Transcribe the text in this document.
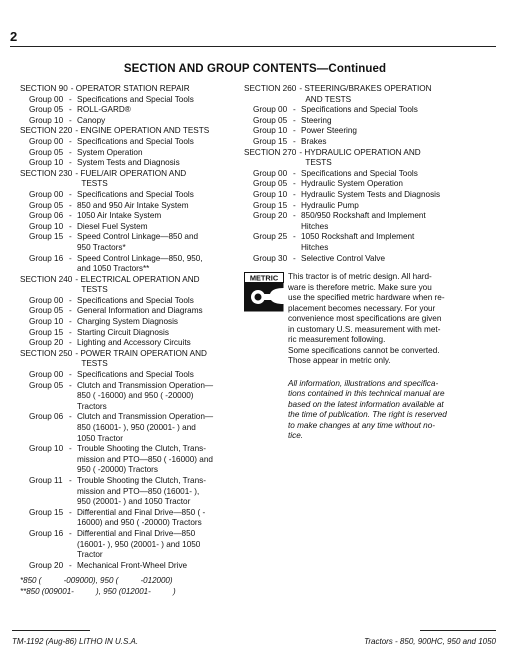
2
SECTION AND GROUP CONTENTS—Continued
SECTION 90 - OPERATOR STATION REPAIR
Group 00 - Specifications and Special Tools
Group 05 - ROLL-GARD®
Group 10 - Canopy
SECTION 220 - ENGINE OPERATION AND TESTS
Group 00 - Specifications and Special Tools
Group 05 - System Operation
Group 10 - System Tests and Diagnosis
SECTION 230 - FUEL/AIR OPERATION AND
TESTS
Group 00 - Specifications and Special Tools
Group 05 - 850 and 950 Air Intake System
Group 06 - 1050 Air Intake System
Group 10 - Diesel Fuel System
Group 15 - Speed Control Linkage—850 and
950 Tractors*
Group 16 - Speed Control Linkage—850, 950,
and 1050 Tractors**
SECTION 240 - ELECTRICAL OPERATION AND
TESTS
Group 00 - Specifications and Special Tools
Group 05 - General Information and Diagrams
Group 10 - Charging System Diagnosis
Group 15 - Starting Circuit Diagnosis
Group 20 - Lighting and Accessory Circuits
SECTION 250 - POWER TRAIN OPERATION AND
TESTS
Group 00 - Specifications and Special Tools
Group 05 - Clutch and Transmission Operation—
850 ( -16000) and 950 ( -20000)
Tractors
Group 06 - Clutch and Transmission Operation—
850 (16001- ), 950 (20001- ) and
1050 Tractor
Group 10 - Trouble Shooting the Clutch, Trans-
mission and PTO—850 ( -16000) and
950 ( -20000) Tractors
Group 11 - Trouble Shooting the Clutch, Trans-
mission and PTO—850 (16001- ),
950 (20001- ) and 1050 Tractor
Group 15 - Differential and Final Drive—850 ( -
16000) and 950 ( -20000) Tractors
Group 16 - Differential and Final Drive—850
(16001- ), 950 (20001- ) and 1050
Tractor
Group 20 - Mechanical Front-Wheel Drive
*850 (          -009000), 950 (          -012000)
**850 (009001-          ), 950 (012001-          )
SECTION 260 - STEERING/BRAKES OPERATION
AND TESTS
Group 00 - Specifications and Special Tools
Group 05 - Steering
Group 10 - Power Steering
Group 15 - Brakes
SECTION 270 - HYDRAULIC OPERATION AND
TESTS
Group 00 - Specifications and Special Tools
Group 05 - Hydraulic System Operation
Group 10 - Hydraulic System Tests and Diagnosis
Group 15 - Hydraulic Pump
Group 20 - 850/950 Rockshaft and Implement
Hitches
Group 25 - 1050 Rockshaft and Implement
Hitches
Group 30 - Selective Control Valve
METRIC This tractor is of metric design. All hard-
ware is therefore metric. Make sure you
use the specified metric hardware when re-
placement becomes necessary. For your
convenience most specifications are given
in customary U.S. measurement with met-
ric measurement following.
Some specifications cannot be converted.
Those appear in metric only.
All information, illustrations and specifica-
tions contained in this technical manual are
based on the latest information available at
the time of publication. The right is reserved
to make changes at any time without no-
tice.
TM-1192 (Aug-86) LITHO IN U.S.A.	Tractors - 850, 900HC, 950 and 1050
